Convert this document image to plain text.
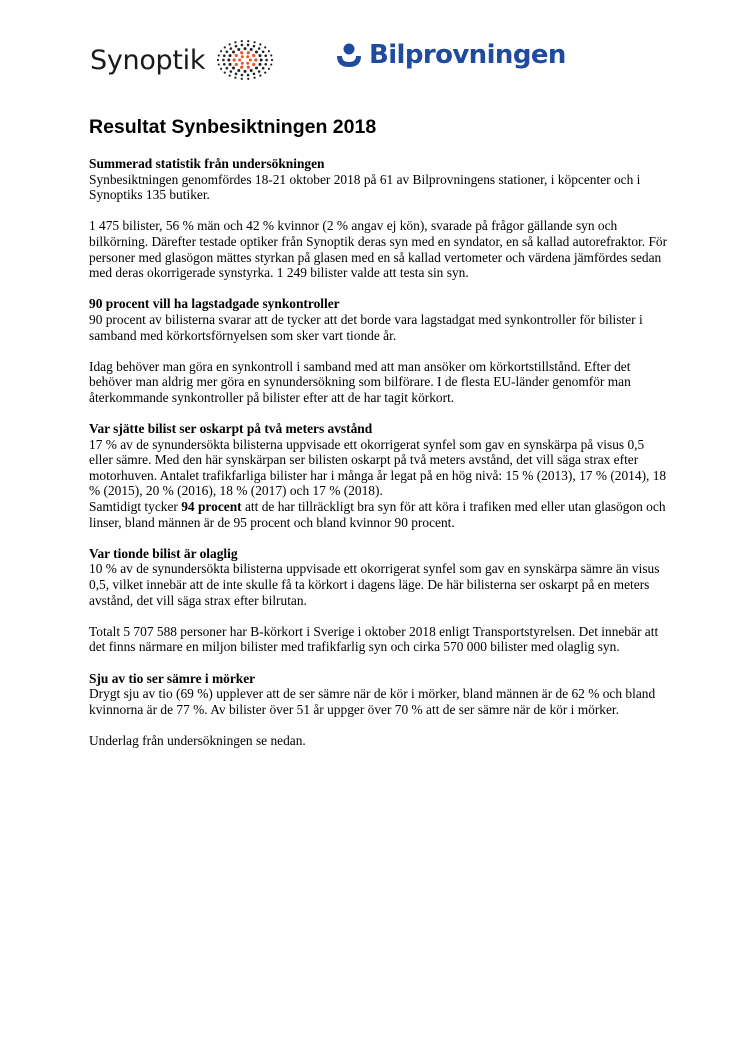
Synoptik	Bilprovningen
Resultat Synbesiktningen 2018
Summerad statistik från undersökningen

Synbesiktningen genomfördes 18-21 oktober 2018 på 61 av Bilprovningens stationer, i köpcenter och i Synoptiks 135 butiker.

1 475 bilister, 56 % män och 42 % kvinnor (2 % angav ej kön), svarade på frågor gällande syn och bilkörning. Därefter testade optiker från Synoptik deras syn med en syndator, en så kallad autorefraktor. För personer med glasögon mättes styrkan på glasen med en så kallad vertometer och värdena jämfördes sedan med deras okorrigerade synstyrka. 1 249 bilister valde att testa sin syn.

90 procent vill ha lagstadgade synkontroller

90 procent av bilisterna svarar att de tycker att det borde vara lagstadgat med synkontroller för bilister i samband med körkortsförnyelsen som sker vart tionde år.

Idag behöver man göra en synkontroll i samband med att man ansöker om körkortstillstånd. Efter det behöver man aldrig mer göra en synundersökning som bilförare. I de flesta EU-länder genomför man återkommande synkontroller på bilister efter att de har tagit körkort.

Var sjätte bilist ser oskarpt på två meters avstånd

17 % av de synundersökta bilisterna uppvisade ett okorrigerat synfel som gav en synskärpa på visus 0,5 eller sämre. Med den här synskärpan ser bilisten oskarpt på två meters avstånd, det vill säga strax efter motorhuven. Antalet trafikfarliga bilister har i många år legat på en hög nivå: 15 % (2013), 17 % (2014), 18 % (2015), 20 % (2016), 18 % (2017) och 17 % (2018).

Samtidigt tycker 94 procent att de har tillräckligt bra syn för att köra i trafiken med eller utan glasögon och linser, bland männen är de 95 procent och bland kvinnor 90 procent.

Var tionde bilist är olaglig

10 % av de synundersökta bilisterna uppvisade ett okorrigerat synfel som gav en synskärpa sämre än visus 0,5, vilket innebär att de inte skulle få ta körkort i dagens läge. De här bilisterna ser oskarpt på en meters avstånd, det vill säga strax efter bilrutan.

Totalt 5 707 588 personer har B-körkort i Sverige i oktober 2018 enligt Transportstyrelsen. Det innebär att det finns närmare en miljon bilister med trafikfarlig syn och cirka 570 000 bilister med olaglig syn.

Sju av tio ser sämre i mörker

Drygt sju av tio (69 %) upplever att de ser sämre när de kör i mörker, bland männen är de 62 % och bland kvinnorna är de 77 %. Av bilister över 51 år uppger över 70 % att de ser sämre när de kör i mörker.

Underlag från undersökningen se nedan.
